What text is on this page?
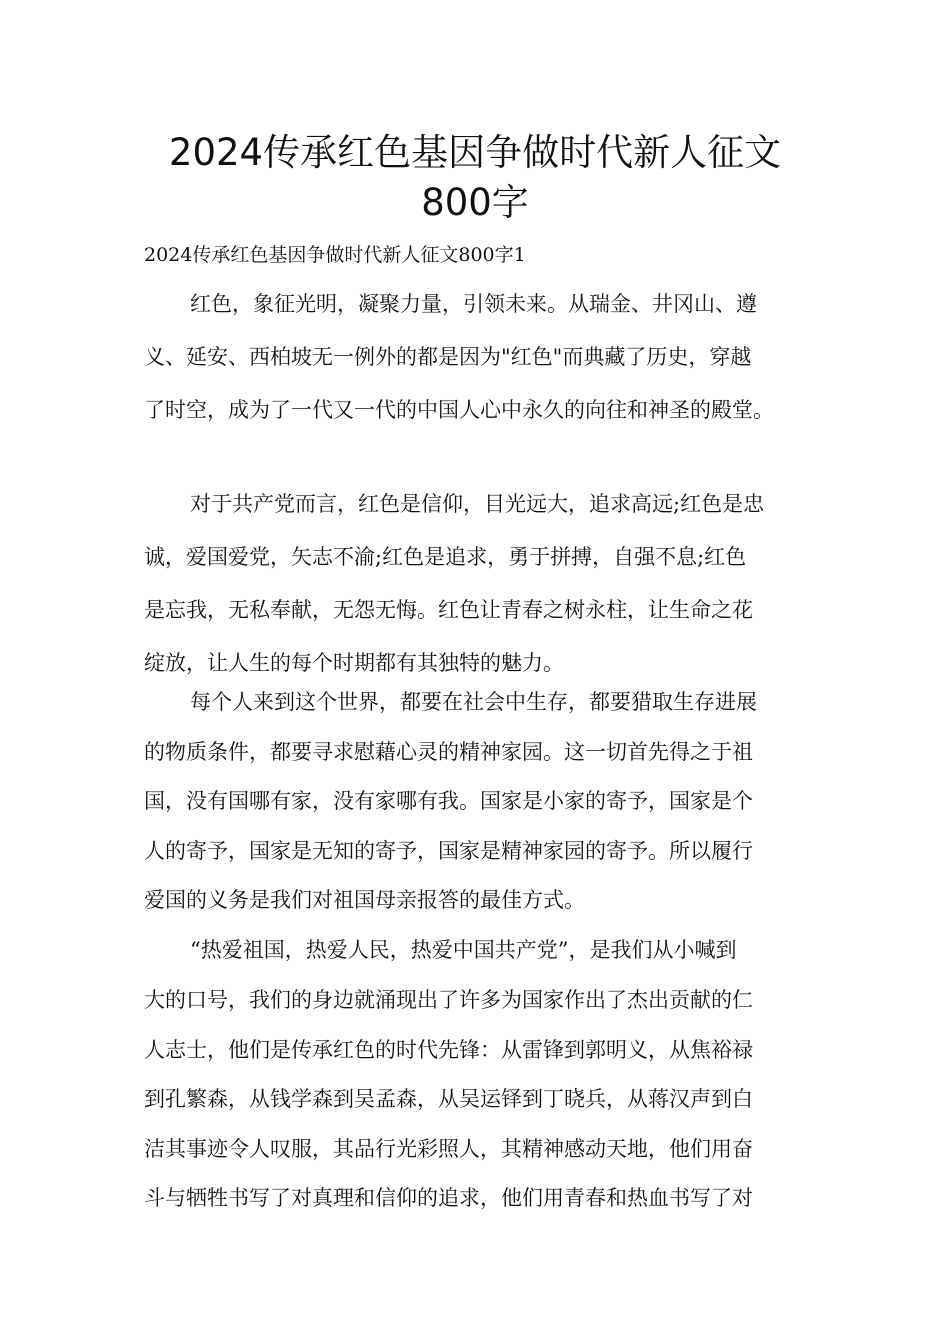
2024传承红色基因争做时代新人征文
800字
2024传承红色基因争做时代新人征文800字1
红色，象征光明，凝聚力量，引领未来。从瑞金、井冈山、遵
义、延安、西柏坡无一例外的都是因为"红色"而典藏了历史，穿越
了时空，成为了一代又一代的中国人心中永久的向往和神圣的殿堂。
对于共产党而言，红色是信仰，目光远大，追求高远;红色是忠
诚，爱国爱党，矢志不渝;红色是追求，勇于拼搏，自强不息;红色
是忘我，无私奉献，无怨无悔。红色让青春之树永柱，让生命之花
绽放，让人生的每个时期都有其独特的魅力。
每个人来到这个世界，都要在社会中生存，都要猎取生存进展
的物质条件，都要寻求慰藉心灵的精神家园。这一切首先得之于祖
国，没有国哪有家，没有家哪有我。国家是小家的寄予，国家是个
人的寄予，国家是无知的寄予，国家是精神家园的寄予。所以履行
爱国的义务是我们对祖国母亲报答的最佳方式。
“热爱祖国，热爱人民，热爱中国共产党”，是我们从小喊到
大的口号，我们的身边就涌现出了许多为国家作出了杰出贡献的仁
人志士，他们是传承红色的时代先锋：从雷锋到郭明义，从焦裕禄
到孔繁森，从钱学森到吴孟森，从吴运铎到丁晓兵，从蒋汉声到白
洁其事迹令人叹服，其品行光彩照人，其精神感动天地，他们用奋
斗与牺牲书写了对真理和信仰的追求，他们用青春和热血书写了对
